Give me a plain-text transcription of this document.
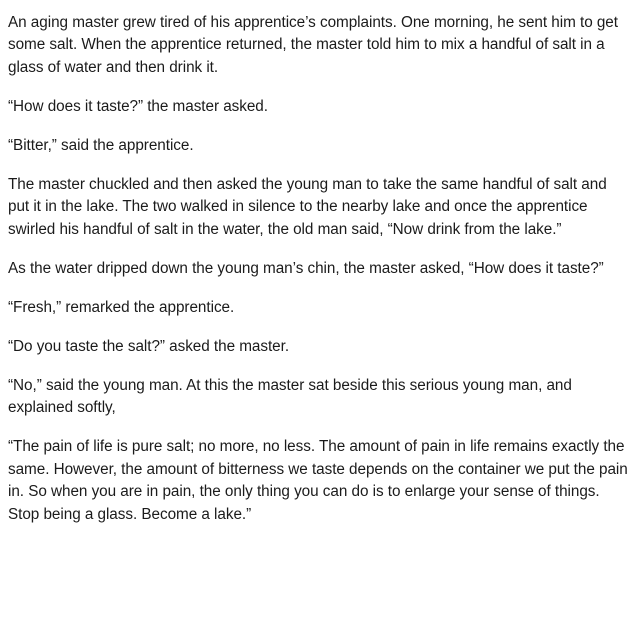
An aging master grew tired of his apprentice’s complaints. One morning, he sent him to get some salt. When the apprentice returned, the master told him to mix a handful of salt in a glass of water and then drink it.

“How does it taste?” the master asked.

“Bitter,” said the apprentice.

The master chuckled and then asked the young man to take the same handful of salt and put it in the lake. The two walked in silence to the nearby lake and once the apprentice swirled his handful of salt in the water, the old man said, “Now drink from the lake.”

As the water dripped down the young man’s chin, the master asked, “How does it taste?”

“Fresh,” remarked the apprentice.

“Do you taste the salt?” asked the master.

“No,” said the young man. At this the master sat beside this serious young man, and explained softly,

“The pain of life is pure salt; no more, no less. The amount of pain in life remains exactly the same. However, the amount of bitterness we taste depends on the container we put the pain in. So when you are in pain, the only thing you can do is to enlarge your sense of things. Stop being a glass. Become a lake.”
